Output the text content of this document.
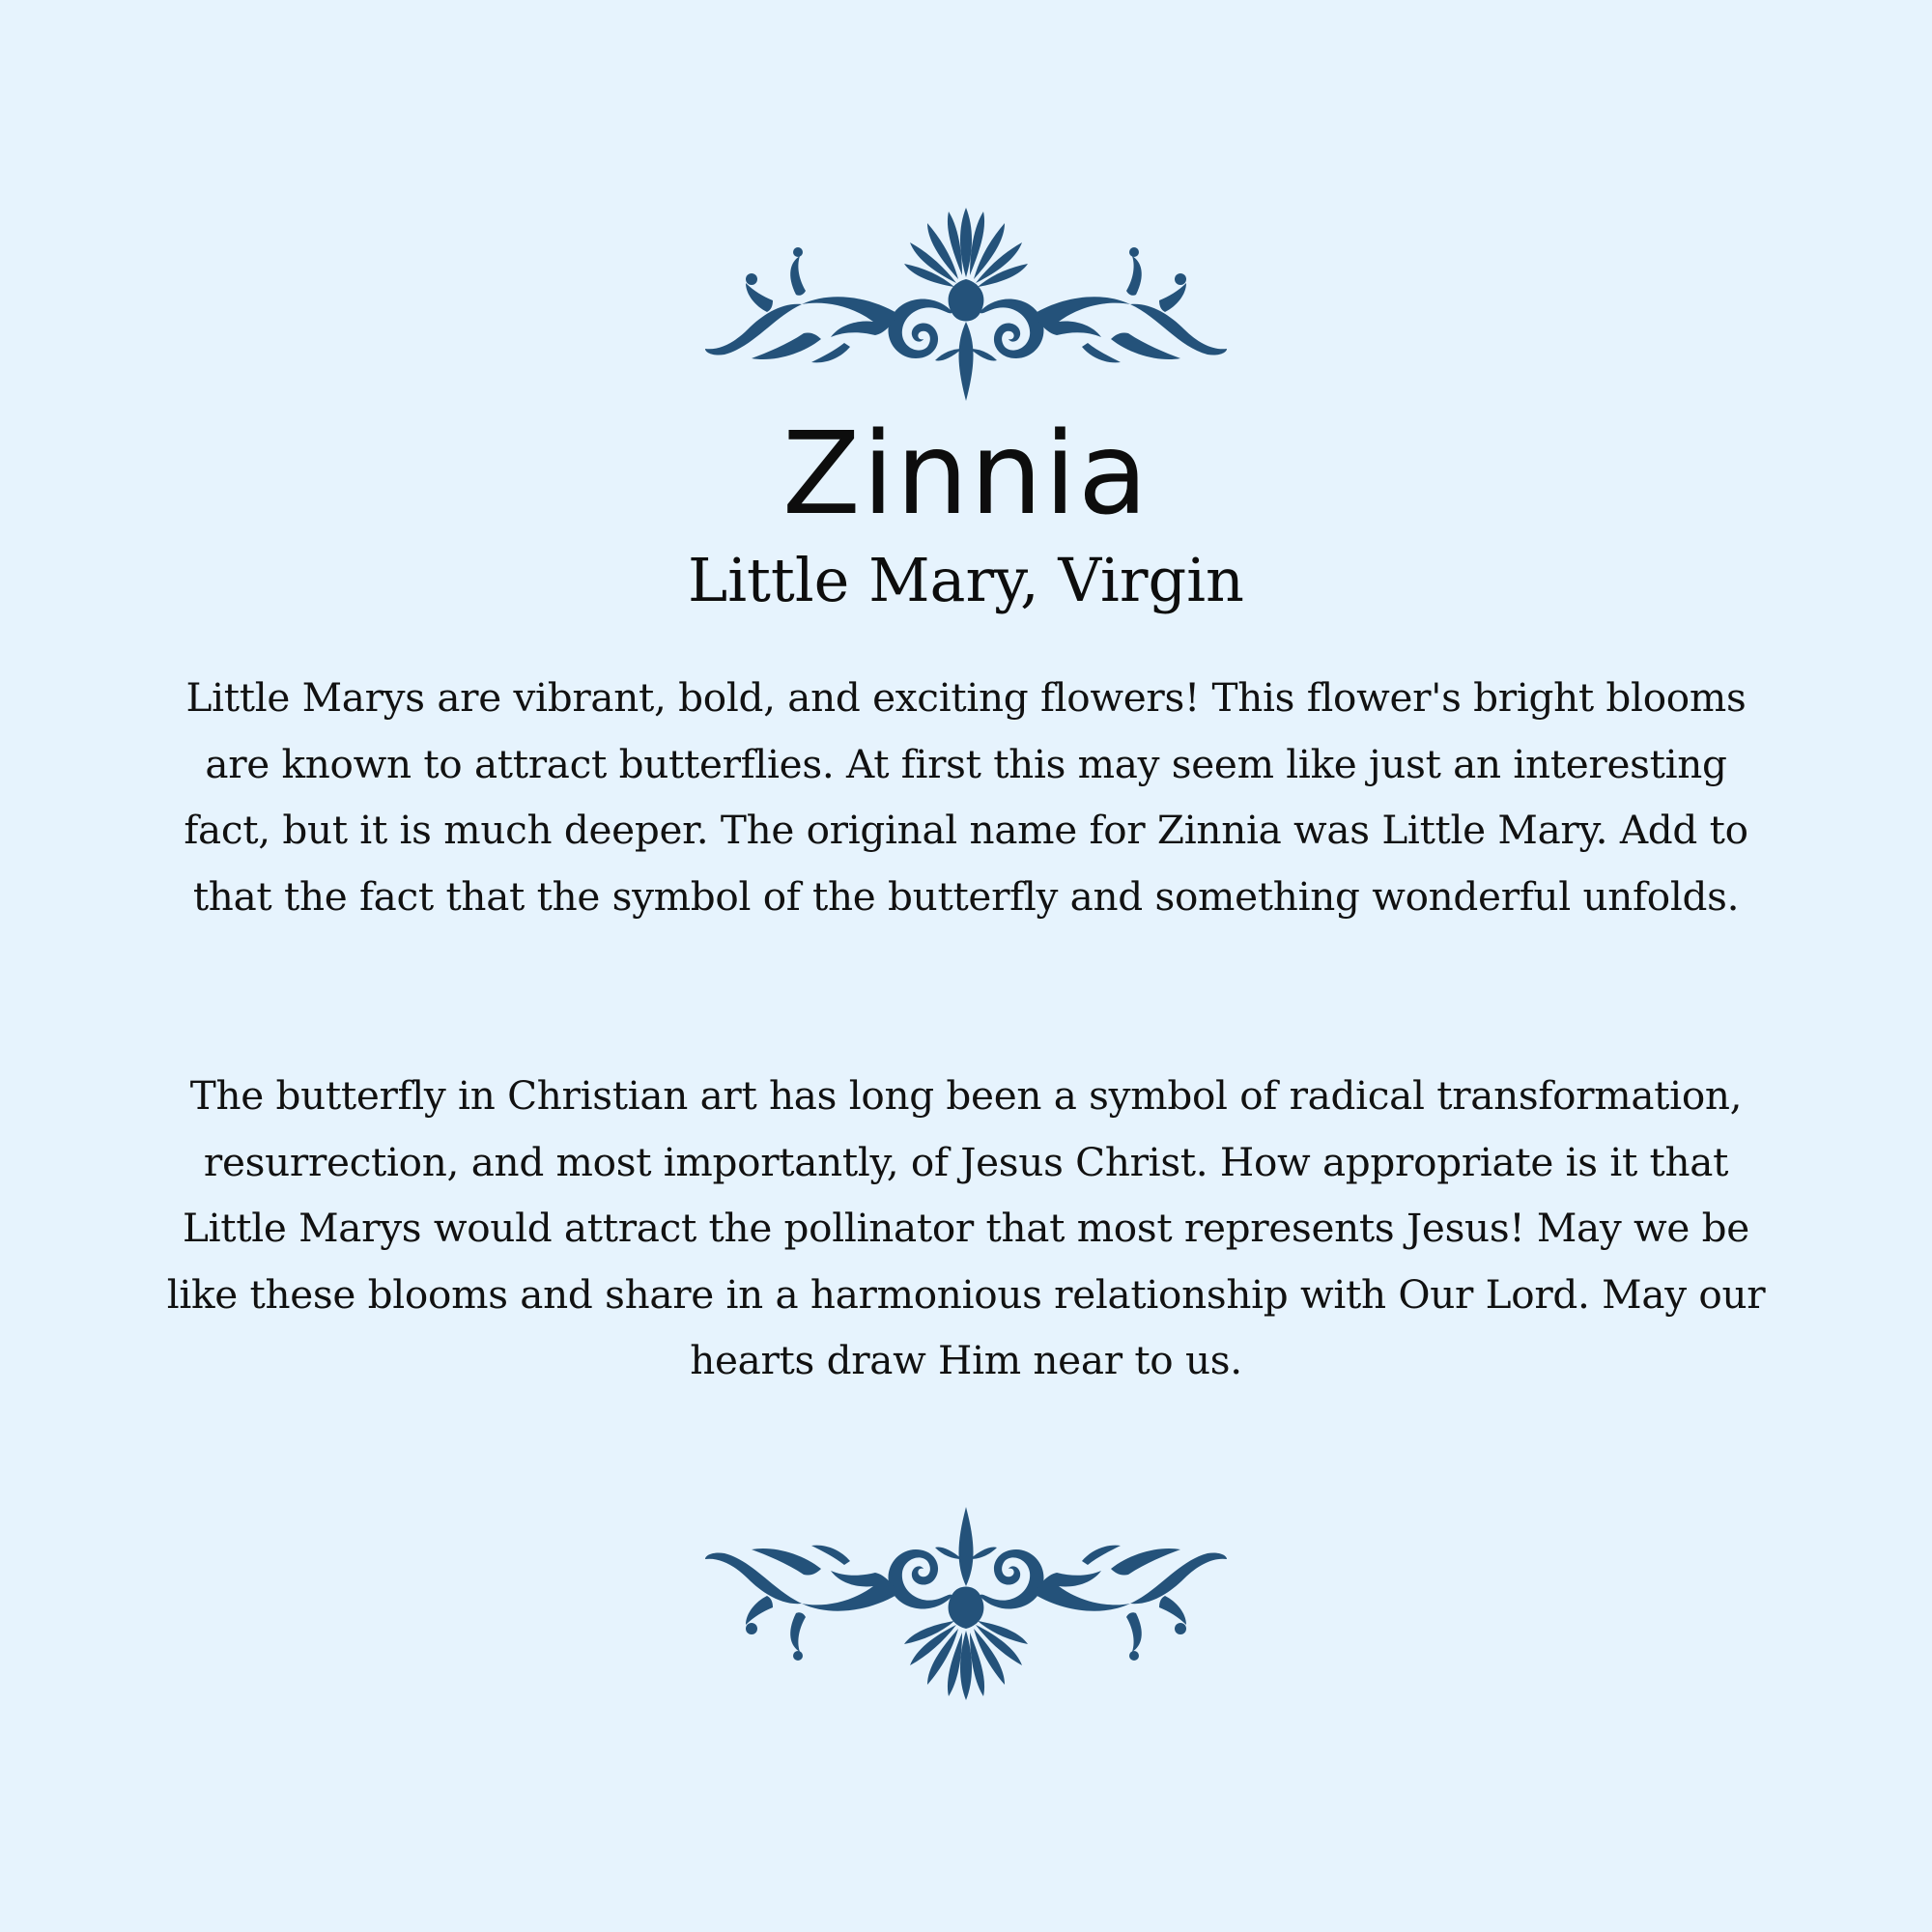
Zinnia
Little Mary, Virgin

Little Marys are vibrant, bold, and exciting flowers! This flower's bright blooms are known to attract butterflies. At first this may seem like just an interesting fact, but it is much deeper. The original name for Zinnia was Little Mary. Add to that the fact that the symbol of the butterfly and something wonderful unfolds.

The butterfly in Christian art has long been a symbol of radical transformation, resurrection, and most importantly, of Jesus Christ. How appropriate is it that Little Marys would attract the pollinator that most represents Jesus! May we be like these blooms and share in a harmonious relationship with Our Lord. May our hearts draw Him near to us.
